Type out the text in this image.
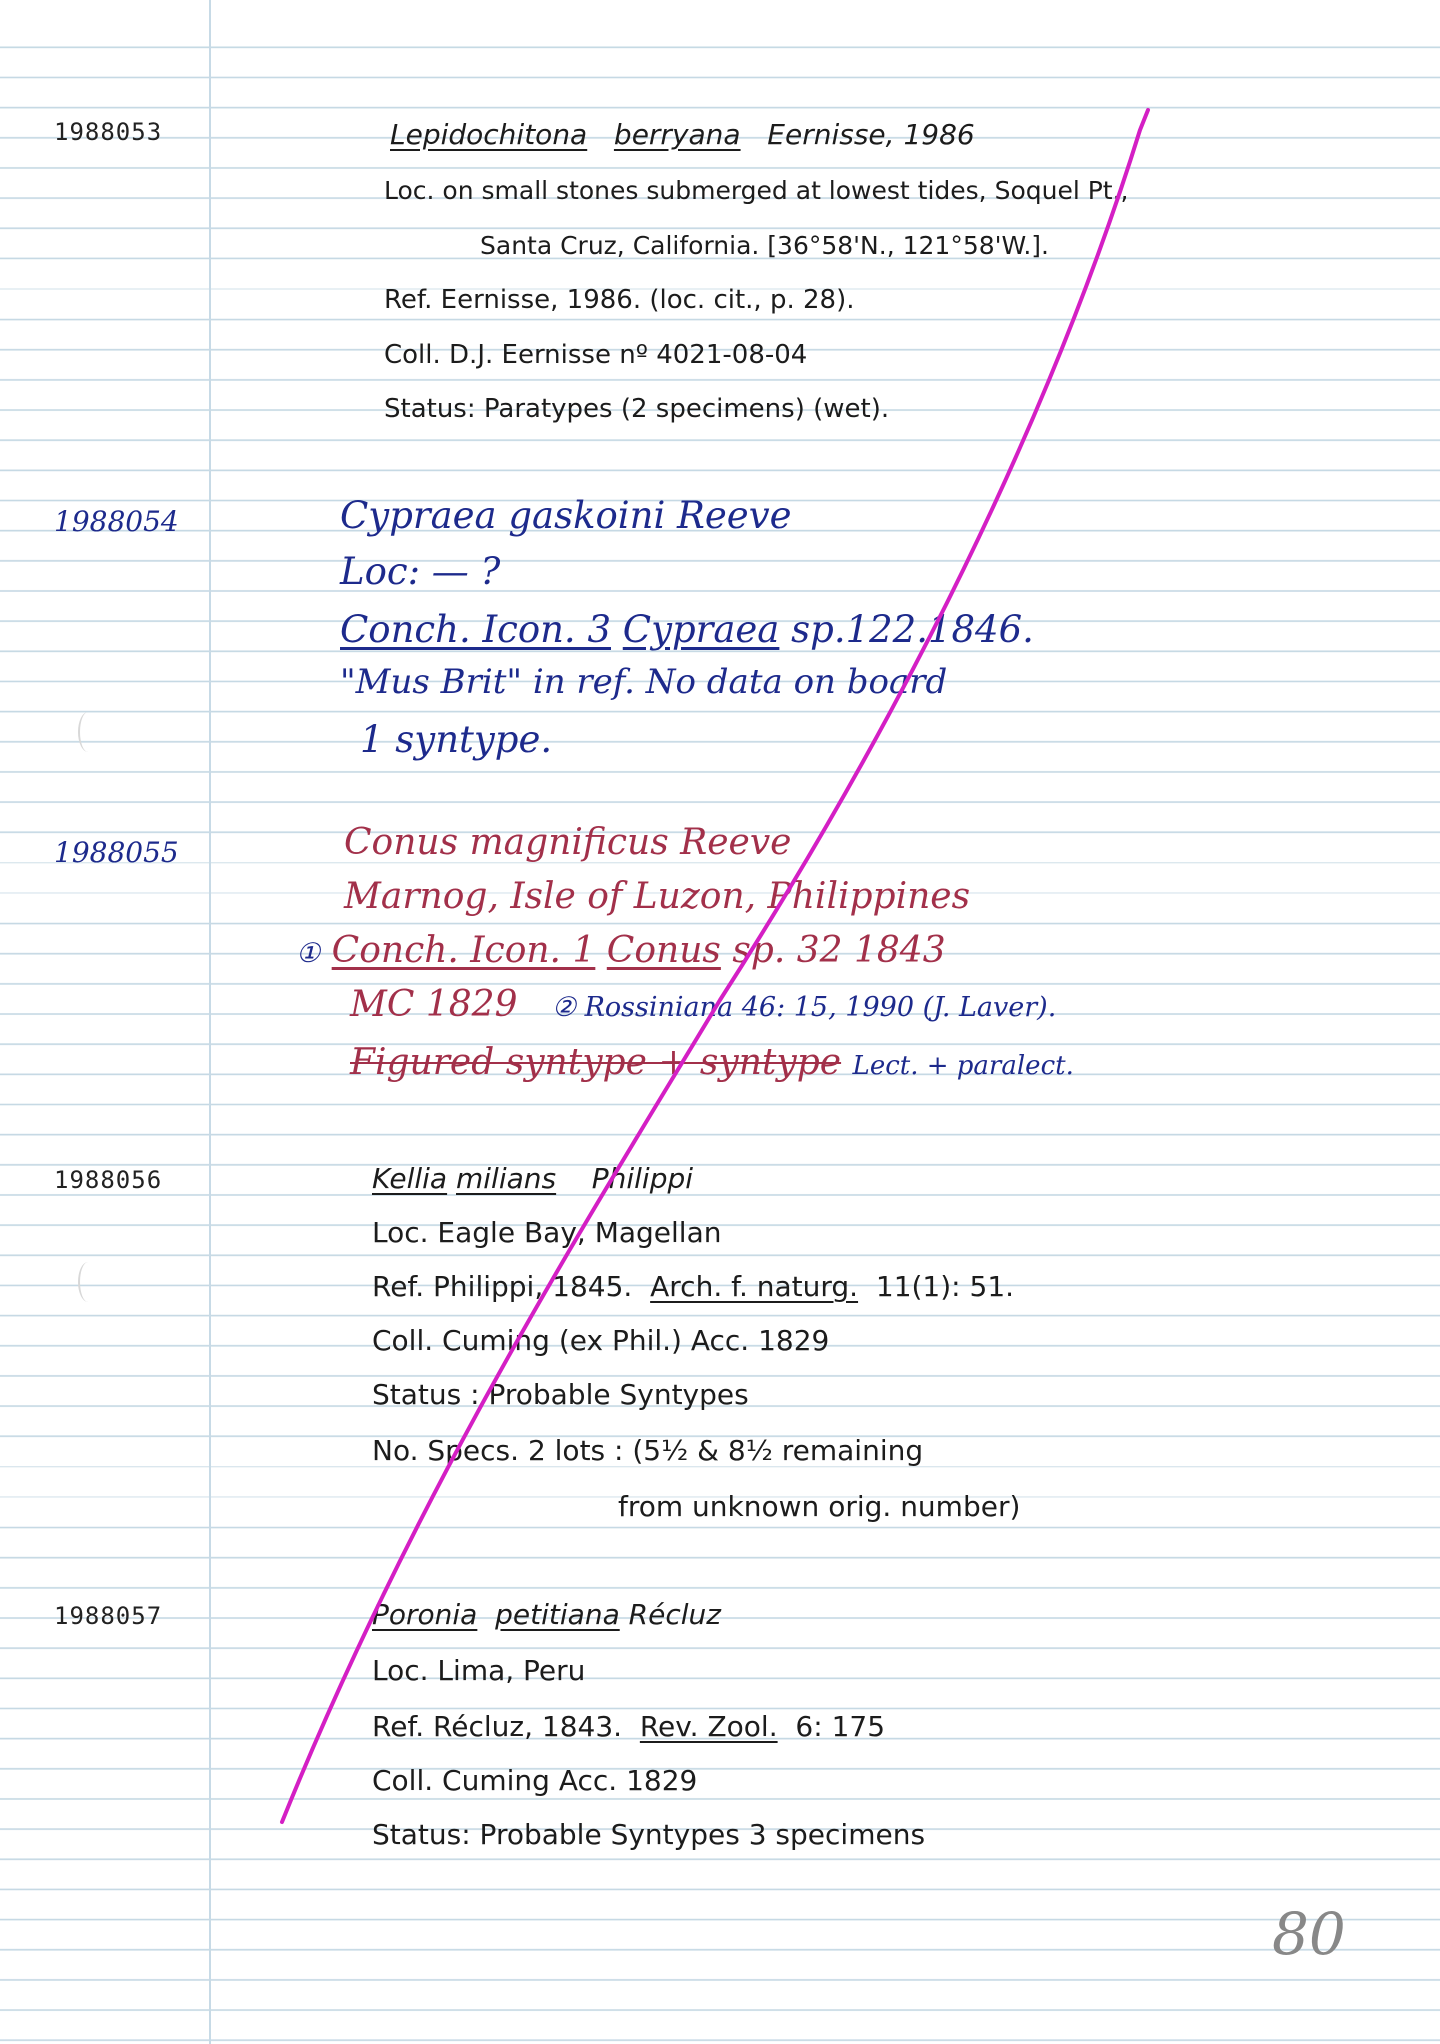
1988053	Lepidochitona berryana Eernisse, 1986

Loc. on small stones submerged at lowest tides, Soquel Pt.,

Santa Cruz, California. [36°58'N., 121°58'W.].

Ref. Eernisse, 1986. (loc. cit., p. 28).

Coll. D.J. Eernisse nº 4021-08-04

Status: Paratypes (2 specimens) (wet).

1988054	Cypraea gaskoini Reeve

Loc: — ?

Conch. Icon. 3 Cypraea sp.122.1846.

"Mus Brit" in ref. No data on board

1 syntype.

1988055	Conus magnificus Reeve

Marnog, Isle of Luzon, Philippines

① Conch. Icon. 1 Conus sp. 32 1843

MC 1829 ② Rossiniana 46: 15, 1990 (J. Laver).

Figured syntype + syntype Lect. + paralect.

1988056	Kellia milians Philippi

Loc. Eagle Bay, Magellan

Ref. Philippi, 1845. Arch. f. naturg. 11(1): 51.

Coll. Cuming (ex Phil.) Acc. 1829

Status : Probable Syntypes

No. Specs. 2 lots : (5½ & 8½ remaining

from unknown orig. number)

1988057	Poronia petitiana Récluz

Loc. Lima, Peru

Ref. Récluz, 1843. Rev. Zool. 6: 175

Coll. Cuming Acc. 1829

Status: Probable Syntypes 3 specimens

80
